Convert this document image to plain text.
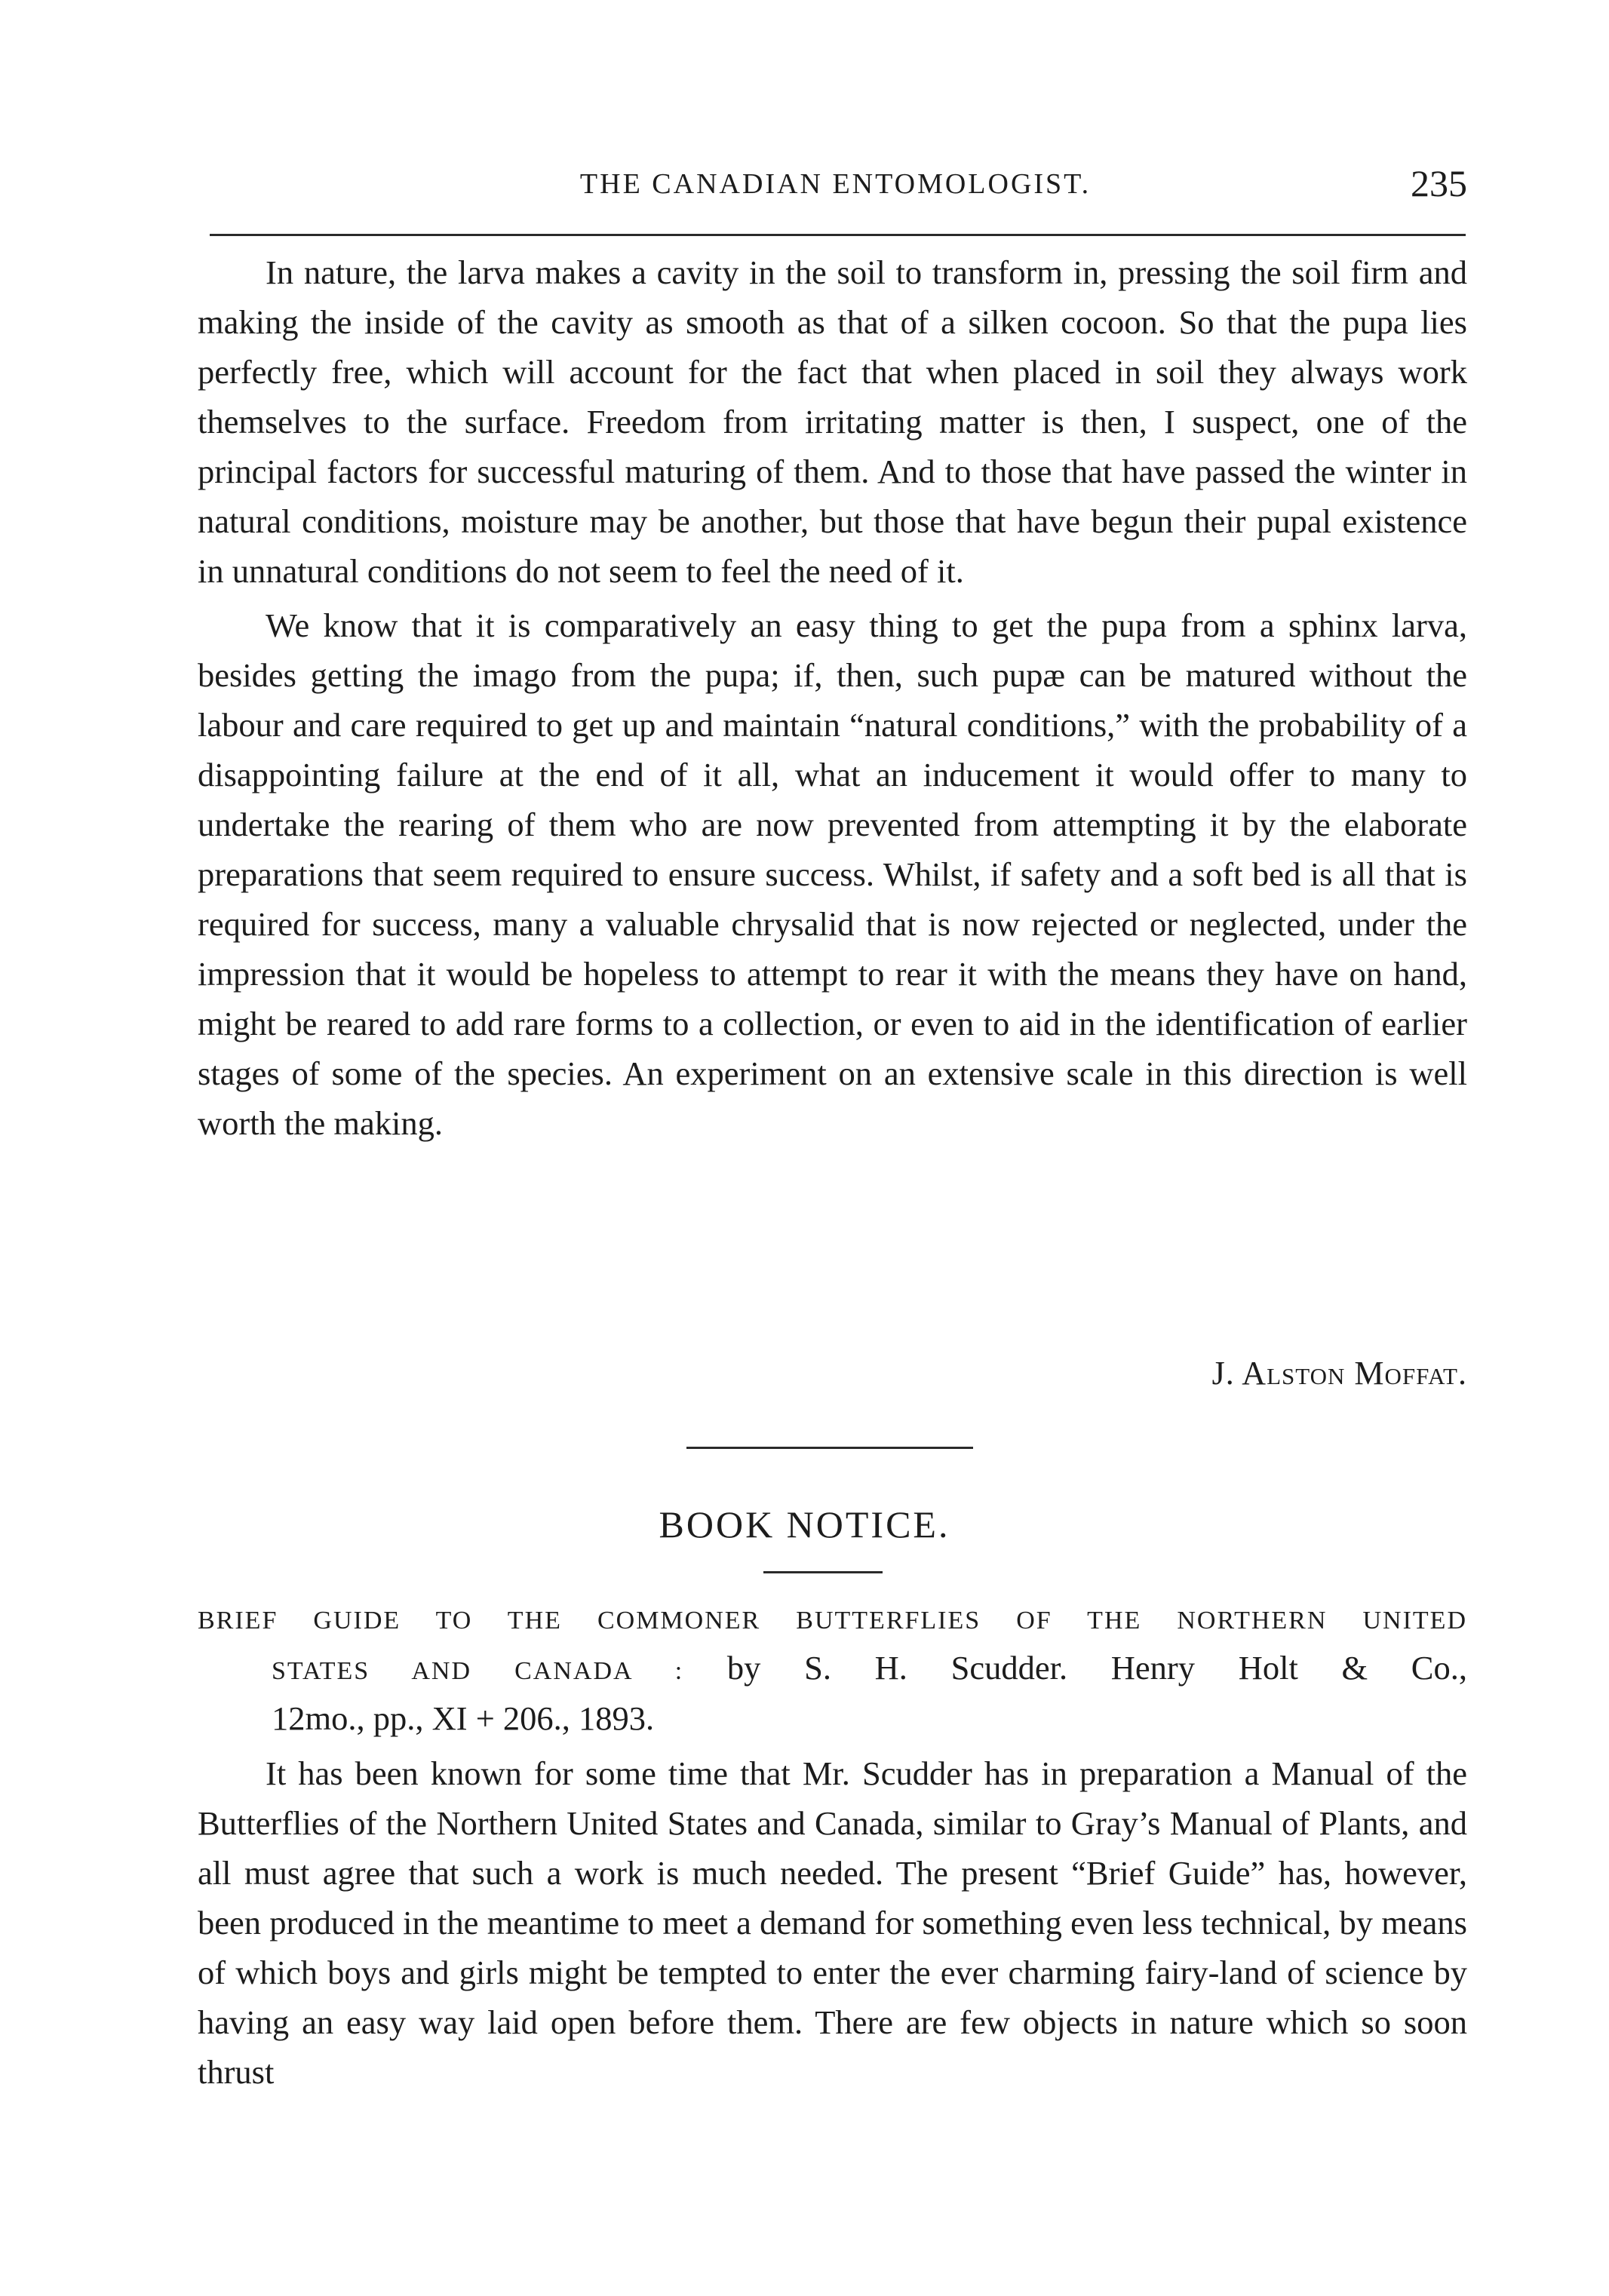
THE CANADIAN ENTOMOLOGIST.	235

In nature, the larva makes a cavity in the soil to transform in, pressing the soil firm and making the inside of the cavity as smooth as that of a silken cocoon. So that the pupa lies perfectly free, which will account for the fact that when placed in soil they always work themselves to the surface. Freedom from irritating matter is then, I suspect, one of the principal factors for successful maturing of them. And to those that have passed the winter in natural conditions, moisture may be another, but those that have begun their pupal existence in unnatural conditions do not seem to feel the need of it.

We know that it is comparatively an easy thing to get the pupa from a sphinx larva, besides getting the imago from the pupa; if, then, such pupæ can be matured without the labour and care required to get up and maintain “natural conditions,” with the probability of a disappointing failure at the end of it all, what an inducement it would offer to many to undertake the rearing of them who are now prevented from attempting it by the elaborate preparations that seem required to ensure success. Whilst, if safety and a soft bed is all that is required for success, many a valuable chrysalid that is now rejected or neglected, under the impression that it would be hopeless to attempt to rear it with the means they have on hand, might be reared to add rare forms to a collection, or even to aid in the identification of earlier stages of some of the species. An experiment on an extensive scale in this direction is well worth the making.

J. Alston Moffat.
BOOK NOTICE.
BRIEF GUIDE TO THE COMMONER BUTTERFLIES OF THE NORTHERN UNITED
STATES AND CANADA : by S. H. Scudder. Henry Holt & Co.,
12mo., pp., XI + 206., 1893.

It has been known for some time that Mr. Scudder has in preparation a Manual of the Butterflies of the Northern United States and Canada, similar to Gray’s Manual of Plants, and all must agree that such a work is much needed. The present “Brief Guide” has, however, been produced in the meantime to meet a demand for something even less technical, by means of which boys and girls might be tempted to enter the ever charming fairy-land of science by having an easy way laid open before them. There are few objects in nature which so soon thrust
